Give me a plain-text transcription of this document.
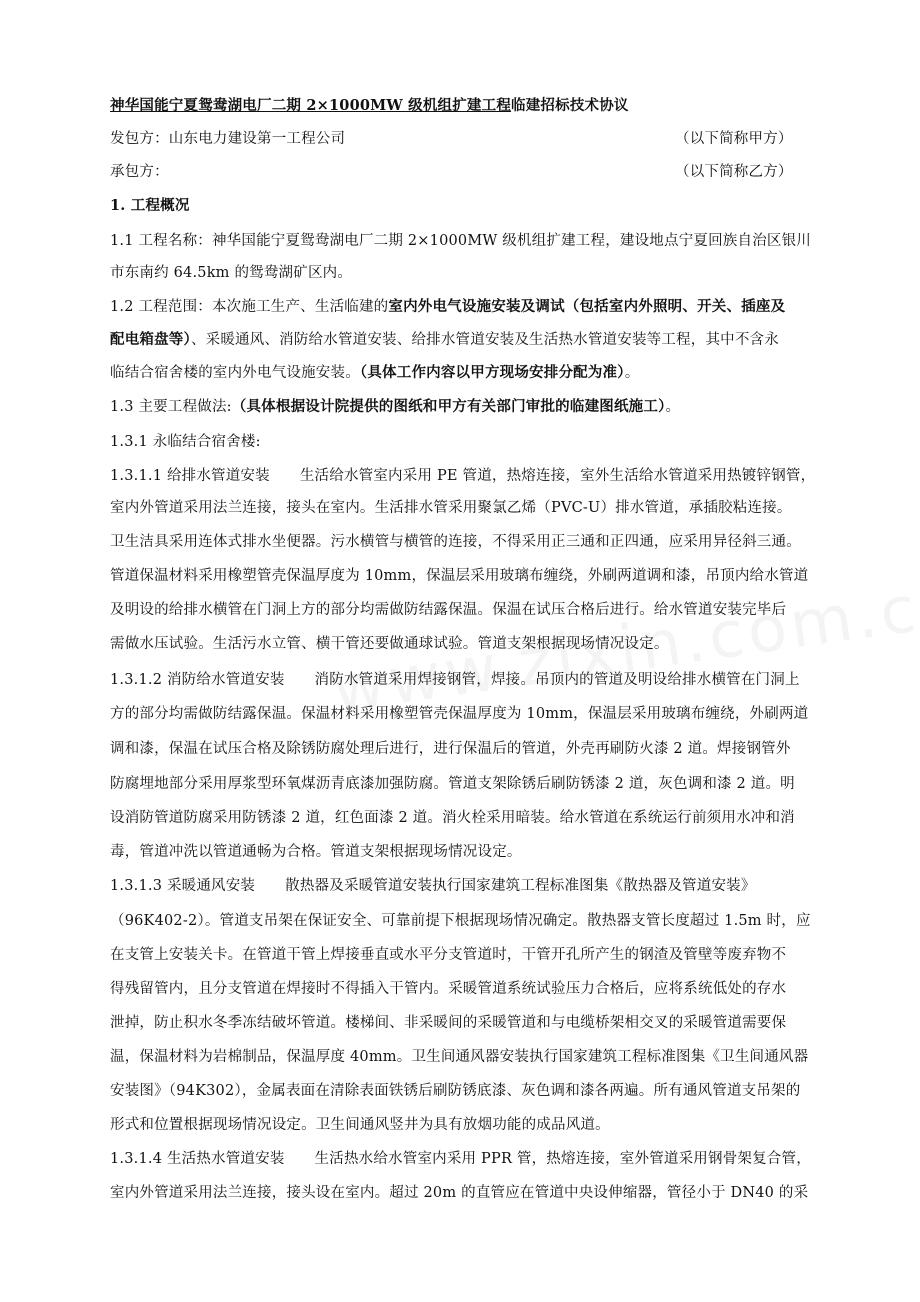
神华国能宁夏鸳鸯湖电厂二期 2×1000MW 级机组扩建工程临建招标技术协议
发包方：山东电力建设第一工程公司	（以下简称甲方）
承包方：	（以下简称乙方）
1. 工程概况
1.1 工程名称：神华国能宁夏鸳鸯湖电厂二期 2×1000MW 级机组扩建工程，建设地点宁夏回族自治区银川
市东南约 64.5km 的鸳鸯湖矿区内。
1.2 工程范围：本次施工生产、生活临建的室内外电气设施安装及调试（包括室内外照明、开关、插座及
配电箱盘等）、采暖通风、消防给水管道安装、给排水管道安装及生活热水管道安装等工程，其中不含永
临结合宿舍楼的室内外电气设施安装。（具体工作内容以甲方现场安排分配为准）。
1.3 主要工程做法:（具体根据设计院提供的图纸和甲方有关部门审批的临建图纸施工）。
1.3.1 永临结合宿舍楼:
1.3.1.1 给排水管道安装 生活给水管室内采用 PE 管道，热熔连接，室外生活给水管道采用热镀锌钢管，
室内外管道采用法兰连接，接头在室内。生活排水管采用聚氯乙烯（PVC-U）排水管道，承插胶粘连接。
卫生洁具采用连体式排水坐便器。污水横管与横管的连接，不得采用正三通和正四通，应采用异径斜三通。
管道保温材料采用橡塑管壳保温厚度为 10mm，保温层采用玻璃布缠绕，外刷两道调和漆，吊顶内给水管道
及明设的给排水横管在门洞上方的部分均需做防结露保温。保温在试压合格后进行。给水管道安装完毕后
需做水压试验。生活污水立管、横干管还要做通球试验。管道支架根据现场情况设定。
1.3.1.2 消防给水管道安装 消防水管道采用焊接钢管，焊接。吊顶内的管道及明设给排水横管在门洞上
方的部分均需做防结露保温。保温材料采用橡塑管壳保温厚度为 10mm，保温层采用玻璃布缠绕，外刷两道
调和漆，保温在试压合格及除锈防腐处理后进行，进行保温后的管道，外壳再刷防火漆 2 道。焊接钢管外
防腐埋地部分采用厚浆型环氧煤沥青底漆加强防腐。管道支架除锈后刷防锈漆 2 道，灰色调和漆 2 道。明
设消防管道防腐采用防锈漆 2 道，红色面漆 2 道。消火栓采用暗装。给水管道在系统运行前须用水冲和消
毒，管道冲洗以管道通畅为合格。管道支架根据现场情况设定。
1.3.1.3 采暖通风安装 散热器及采暖管道安装执行国家建筑工程标准图集《散热器及管道安装》
（96K402-2）。管道支吊架在保证安全、可靠前提下根据现场情况确定。散热器支管长度超过 1.5m 时，应
在支管上安装关卡。在管道干管上焊接垂直或水平分支管道时，干管开孔所产生的钢渣及管壁等废弃物不
得残留管内，且分支管道在焊接时不得插入干管内。采暖管道系统试验压力合格后，应将系统低处的存水
泄掉，防止积水冬季冻结破坏管道。楼梯间、非采暖间的采暖管道和与电缆桥架相交叉的采暖管道需要保
温，保温材料为岩棉制品，保温厚度 40mm。卫生间通风器安装执行国家建筑工程标准图集《卫生间通风器
安装图》（94K302），金属表面在清除表面铁锈后刷防锈底漆、灰色调和漆各两遍。所有通风管道支吊架的
形式和位置根据现场情况设定。卫生间通风竖井为具有放烟功能的成品风道。
1.3.1.4 生活热水管道安装 生活热水给水管室内采用 PPR 管，热熔连接，室外管道采用钢骨架复合管，
室内外管道采用法兰连接，接头设在室内。超过 20m 的直管应在管道中央设伸缩器，管径小于 DN40 的采
